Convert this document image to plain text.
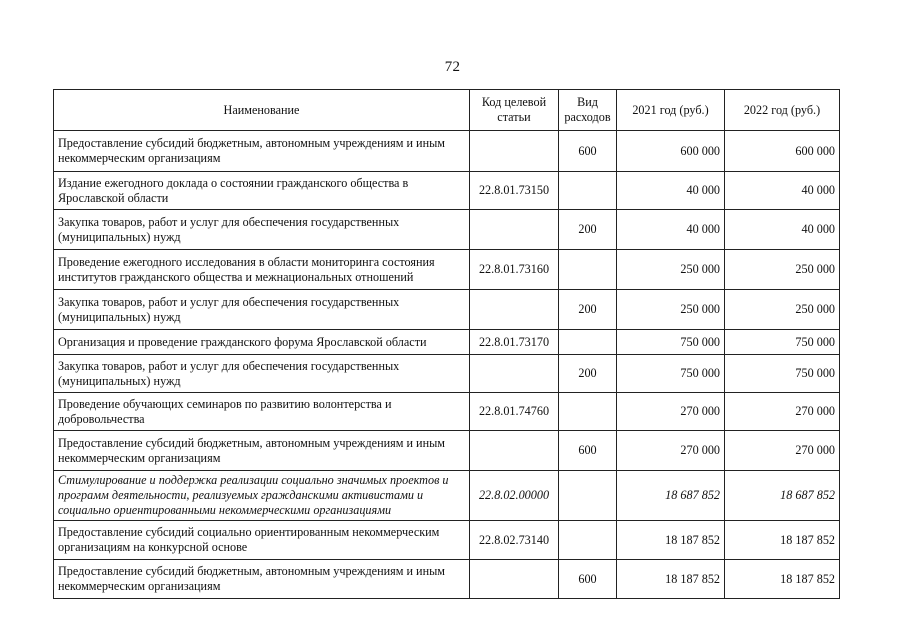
72
Наименование	Код целевой статьи	Вид расходов	2021 год (руб.)	2022 год (руб.)
Предоставление субсидий бюджетным, автономным учреждениям и иным некоммерческим организациям		600	600 000	600 000
Издание ежегодного доклада о состоянии гражданского общества в Ярославской области	22.8.01.73150		40 000	40 000
Закупка товаров, работ и услуг для обеспечения государственных (муниципальных) нужд		200	40 000	40 000
Проведение ежегодного исследования в области мониторинга состояния институтов гражданского общества и межнациональных отношений	22.8.01.73160		250 000	250 000
Закупка товаров, работ и услуг для обеспечения государственных (муниципальных) нужд		200	250 000	250 000
Организация и проведение гражданского форума Ярославской области	22.8.01.73170		750 000	750 000
Закупка товаров, работ и услуг для обеспечения государственных (муниципальных) нужд		200	750 000	750 000
Проведение обучающих семинаров по развитию волонтерства и добровольчества	22.8.01.74760		270 000	270 000
Предоставление субсидий бюджетным, автономным учреждениям и иным некоммерческим организациям		600	270 000	270 000
Стимулирование и поддержка реализации социально значимых проектов и программ деятельности, реализуемых гражданскими активистами и социально ориентированными некоммерческими организациями	22.8.02.00000		18 687 852	18 687 852
Предоставление субсидий социально ориентированным некоммерческим организациям на конкурсной основе	22.8.02.73140		18 187 852	18 187 852
Предоставление субсидий бюджетным, автономным учреждениям и иным некоммерческим организациям		600	18 187 852	18 187 852
